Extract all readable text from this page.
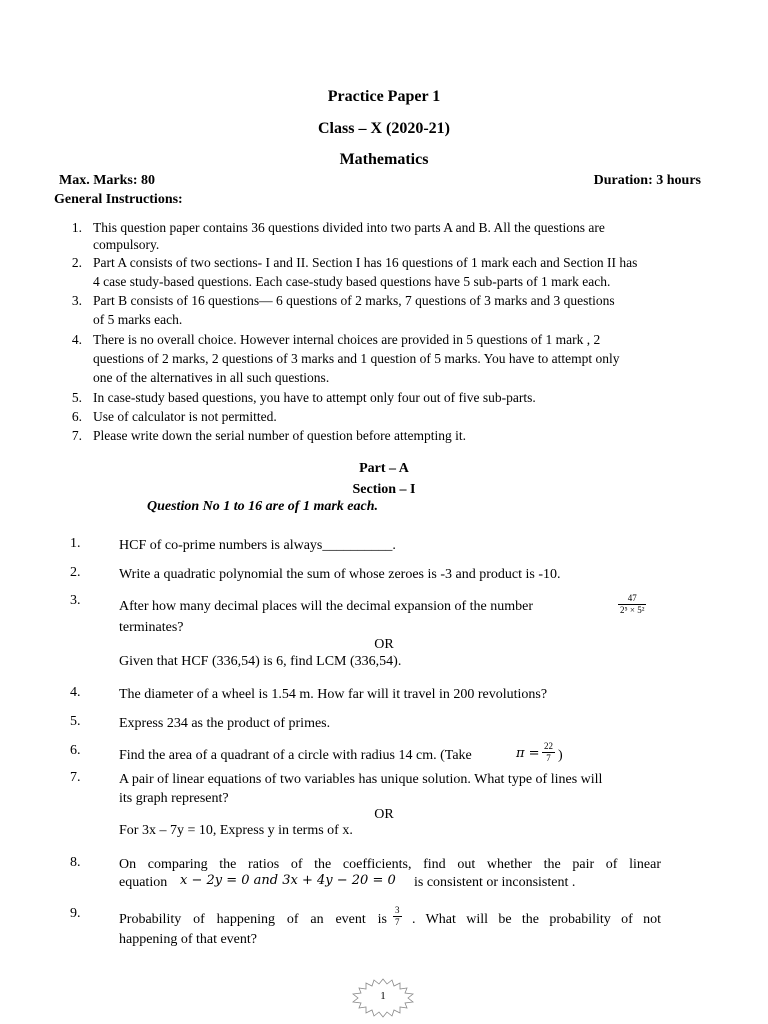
Practice Paper 1
Class – X (2020-21)
Mathematics
Max. Marks: 80	Duration: 3 hours
General Instructions:
1. This question paper contains 36 questions divided into two parts A and B. All the questions are
compulsory.
2. Part A consists of two sections- I and II. Section I has 16 questions of 1 mark each and Section II has
4 case study-based questions. Each case-study based questions have 5 sub-parts of 1 mark each.
3. Part B consists of 16 questions— 6 questions of 2 marks, 7 questions of 3 marks and 3 questions
of 5 marks each.
4. There is no overall choice. However internal choices are provided in 5 questions of 1 mark , 2
questions of 2 marks, 2 questions of 3 marks and 1 question of 5 marks. You have to attempt only
one of the alternatives in all such questions.
5. In case-study based questions, you have to attempt only four out of five sub-parts.
6. Use of calculator is not permitted.
7. Please write down the serial number of question before attempting it.
Part – A
Section – I
Question No 1 to 16 are of 1 mark each.
1.	HCF of co-prime numbers is always__________.
2.	Write a quadratic polynomial the sum of whose zeroes is -3 and product is -10.
3.	After how many decimal places will the decimal expansion of the number	$\frac{47}{\text{2⁵ × 5²}}$
terminates?
OR
Given that HCF (336,54) is 6, find LCM (336,54).
4.	The diameter of a wheel is 1.54 m. How far will it travel in 200 revolutions?
5.	Express 234 as the product of primes.
6.	Find the area of a quadrant of a circle with radius 14 cm. (Take	$\pi = \frac{22}{7}$ )
7.	A pair of linear equations of two variables has unique solution. What type of lines will
its graph represent?
OR
For 3x – 7y = 10, Express y in terms of x.
8.	On comparing the ratios of the coefficients, find out whether the pair of linear
equation x − 2y = 0 and 3x + 4y − 20 = 0 is consistent or inconsistent .
9.	Probability of happening of an event is $\frac{3}{7}$ . What will be the probability of not
happening of that event?
1
